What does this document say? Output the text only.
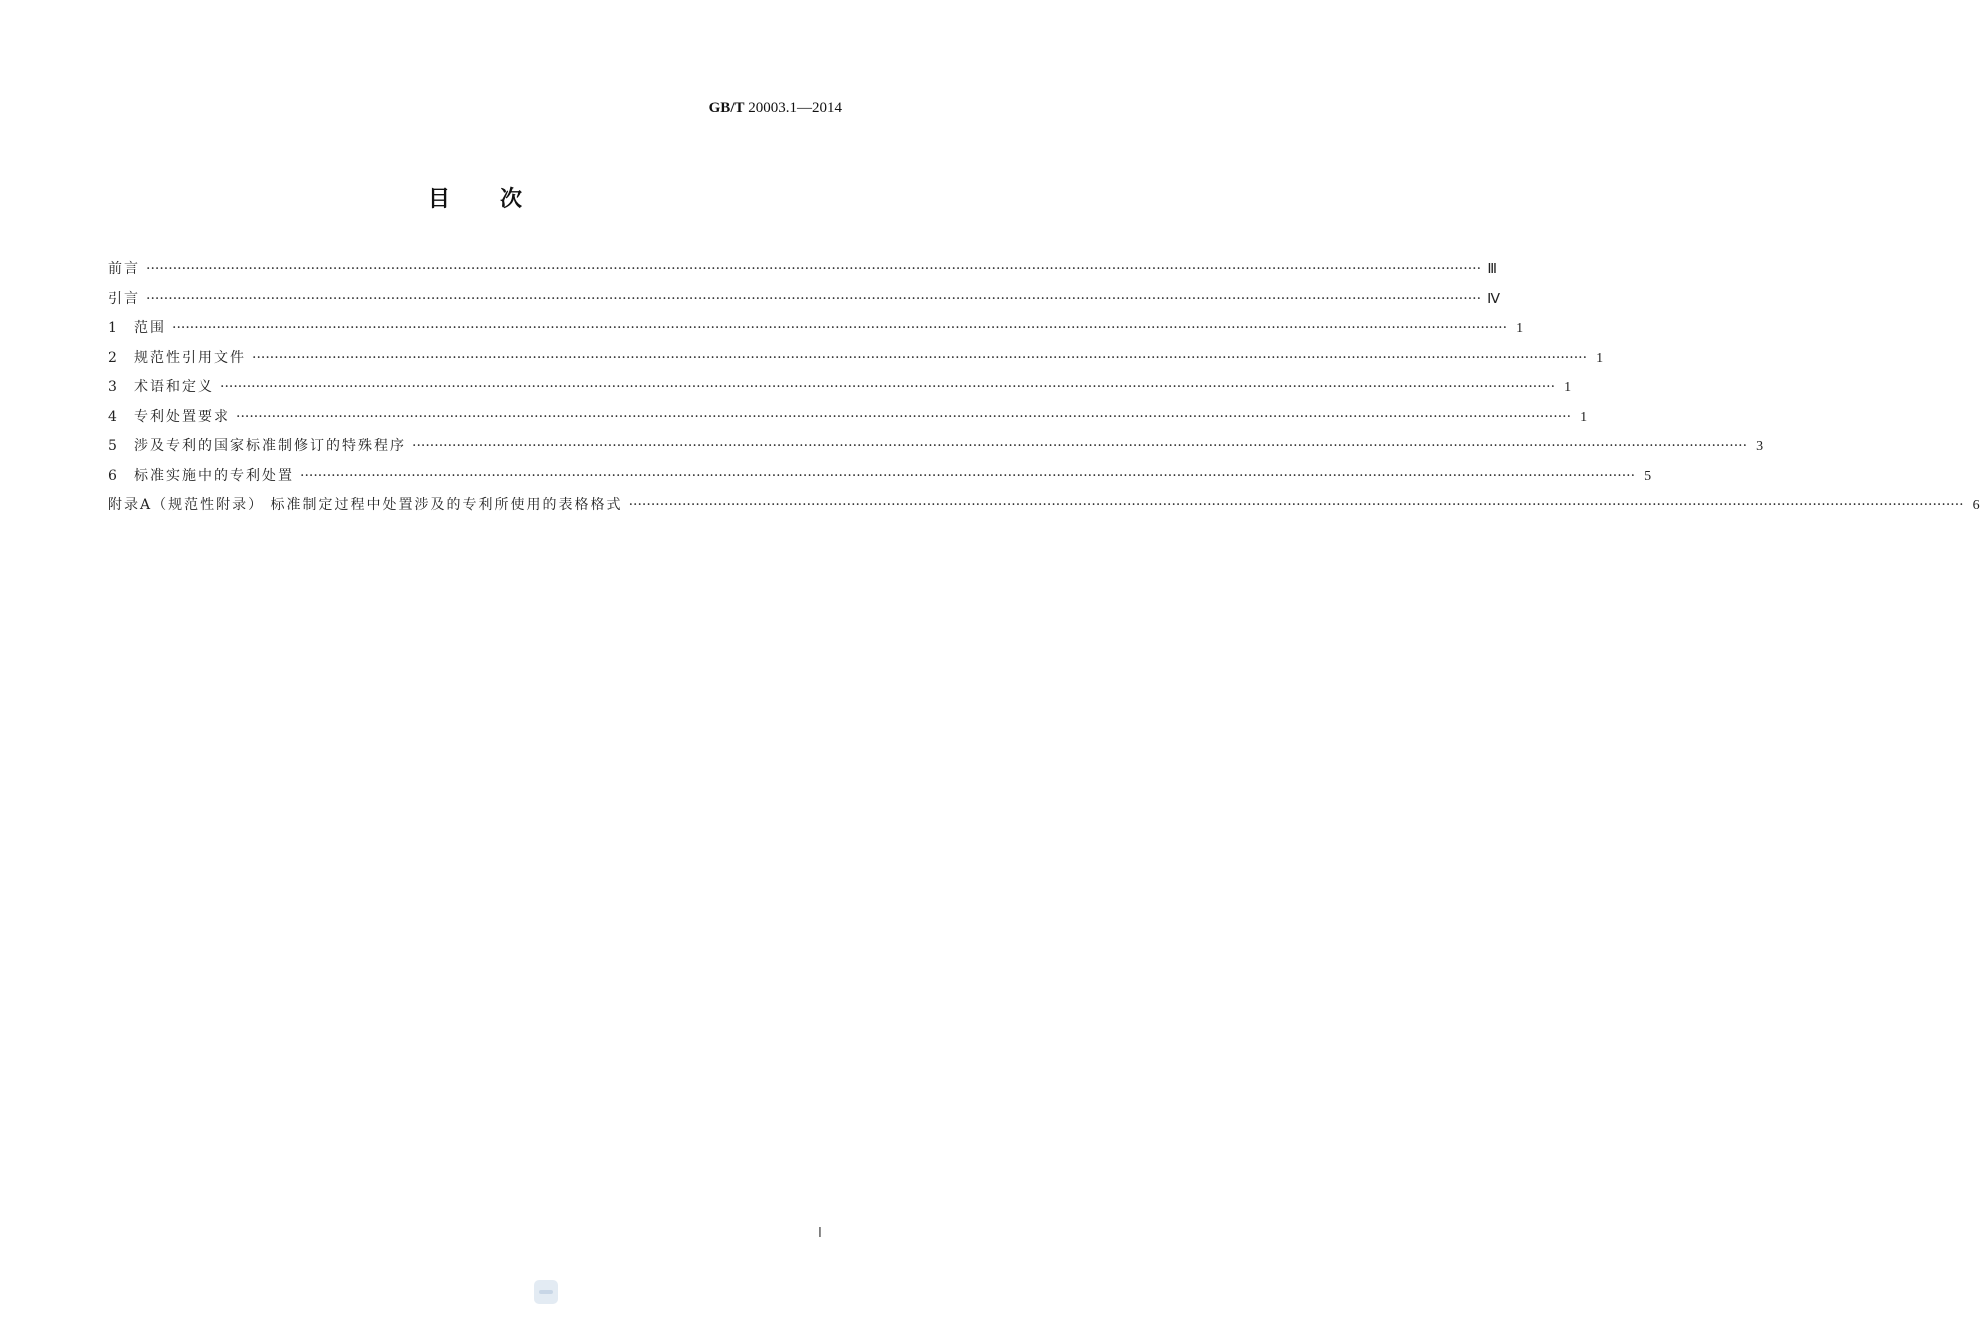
GB/T 20003.1—2014
目次
前言 ············································································································································································································································································································ Ⅲ
引言 ············································································································································································································································································································ Ⅳ
1	范围 ············································································································································································································································································································ 1
2	规范性引用文件 ············································································································································································································································································································ 1
3	术语和定义 ············································································································································································································································································································ 1
4	专利处置要求 ············································································································································································································································································································ 1
5	涉及专利的国家标准制修订的特殊程序 ············································································································································································································································································································ 3
6	标准实施中的专利处置 ············································································································································································································································································································ 5
附录A（规范性附录） 标准制定过程中处置涉及的专利所使用的表格格式 ············································································································································································································································································································ 6
Ⅰ
